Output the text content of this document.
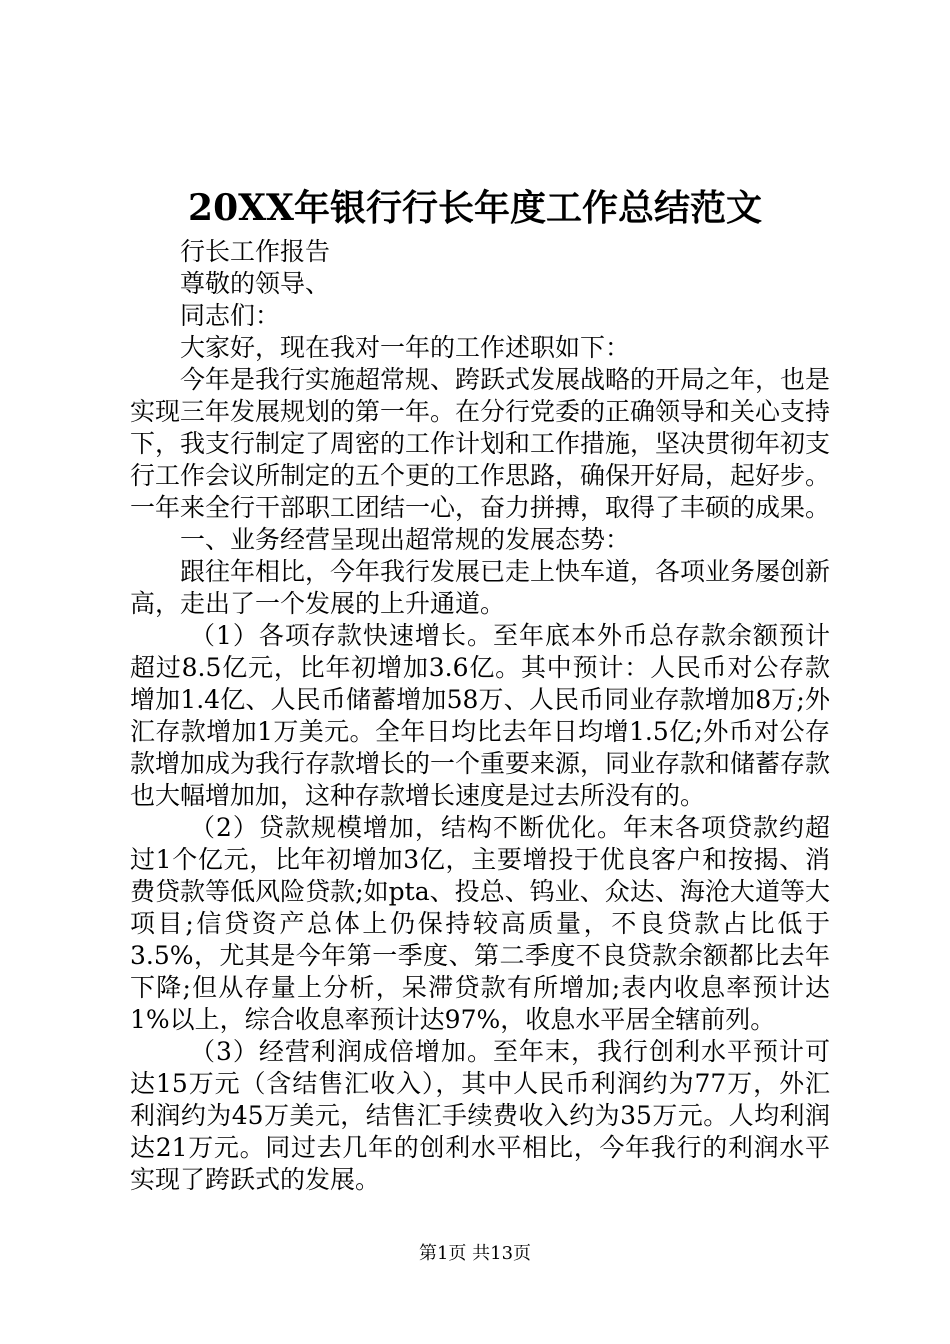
20XX年银行行长年度工作总结范文

行长工作报告

尊敬的领导、

同志们：

大家好，现在我对一年的工作述职如下：

今年是我行实施超常规、跨跃式发展战略的开局之年，也是实现三年发展规划的第一年。在分行党委的正确领导和关心支持下，我支行制定了周密的工作计划和工作措施，坚决贯彻年初支行工作会议所制定的五个更的工作思路，确保开好局，起好步。一年来全行干部职工团结一心，奋力拼搏，取得了丰硕的成果。

一、业务经营呈现出超常规的发展态势：

跟往年相比，今年我行发展已走上快车道，各项业务屡创新高，走出了一个发展的上升通道。

（1）各项存款快速增长。至年底本外币总存款余额预计超过8.5亿元，比年初增加3.6亿。其中预计：人民币对公存款增加1.4亿、人民币储蓄增加58万、人民币同业存款增加8万;外汇存款增加1万美元。全年日均比去年日均增1.5亿;外币对公存款增加成为我行存款增长的一个重要来源，同业存款和储蓄存款也大幅增加加，这种存款增长速度是过去所没有的。

（2）贷款规模增加，结构不断优化。年末各项贷款约超过1个亿元，比年初增加3亿，主要增投于优良客户和按揭、消费贷款等低风险贷款;如pta、投总、钨业、众达、海沧大道等大项目;信贷资产总体上仍保持较高质量，不良贷款占比低于3.5%，尤其是今年第一季度、第二季度不良贷款余额都比去年下降;但从存量上分析，呆滞贷款有所增加;表内收息率预计达1%以上，综合收息率预计达97%，收息水平居全辖前列。

（3）经营利润成倍增加。至年末，我行创利水平预计可达15万元（含结售汇收入），其中人民币利润约为77万，外汇利润约为45万美元，结售汇手续费收入约为35万元。人均利润达21万元。同过去几年的创利水平相比，今年我行的利润水平实现了跨跃式的发展。

第1页 共13页
